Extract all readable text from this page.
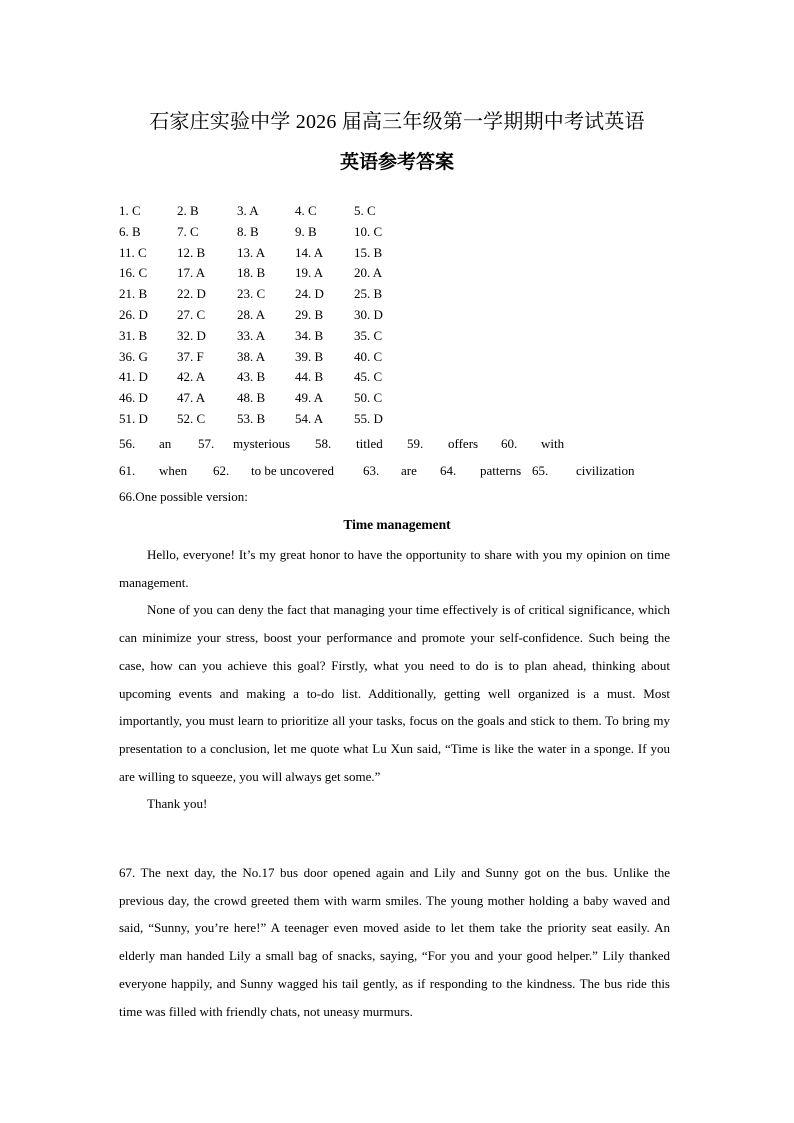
石家庄实验中学 2026 届高三年级第一学期期中考试英语
英语参考答案
1. C	2. B	3. A	4. C	5. C
6. B	7. C	8. B	9. B	10. C
11. C 12. B 13. A 14. A 15. B
16. C 17. A 18. B 19. A 20. A
21. B 22. D 23. C 24. D 25. B
26. D 27. C 28. A 29. B 30. D
31. B 32. D 33. A 34. B 35. C
36. G 37. F	38. A 39. B 40. C
41. D 42. A 43. B 44. B 45. C
46. D 47. A 48. B 49. A 50. C
51. D 52. C 53. B 54. A 55. D
56. an 57. mysterious 58. titled 59. offers 60. with
61. when 62. to be uncovered 63. are 64. patterns 65. civilization
66.One possible version:
Time management

Hello, everyone! It’s my great honor to have the opportunity to share with you my opinion on time management.

None of you can deny the fact that managing your time effectively is of critical significance, which can minimize your stress, boost your performance and promote your self-confidence. Such being the case, how can you achieve this goal? Firstly, what you need to do is to plan ahead, thinking about upcoming events and making a to-do list. Additionally, getting well organized is a must. Most importantly, you must learn to prioritize all your tasks, focus on the goals and stick to them. To bring my presentation to a conclusion, let me quote what Lu Xun said, “Time is like the water in a sponge. If you are willing to squeeze, you will always get some.”

Thank you!

67. The next day, the No.17 bus door opened again and Lily and Sunny got on the bus. Unlike the previous day, the crowd greeted them with warm smiles. The young mother holding a baby waved and said, “Sunny, you’re here!” A teenager even moved aside to let them take the priority seat easily. An elderly man handed Lily a small bag of snacks, saying, “For you and your good helper.” Lily thanked everyone happily, and Sunny wagged his tail gently, as if responding to the kindness. The bus ride this time was filled with friendly chats, not uneasy murmurs.
